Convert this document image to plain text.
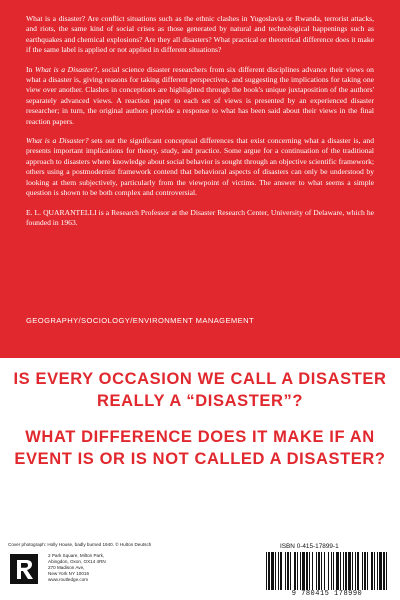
What is a disaster? Are conflict situations such as the ethnic clashes in Yugoslavia or Rwanda, terrorist attacks, and riots, the same kind of social crises as those generated by natural and technological happenings such as earthquakes and chemical explosions? Are they all disasters? What practical or theoretical difference does it make if the same label is applied or not applied in different situations?

In What is a Disaster?, social science disaster researchers from six different disciplines advance their views on what a disaster is, giving reasons for taking different perspectives, and suggesting the implications for taking one view over another. Clashes in conceptions are highlighted through the book's unique juxtaposition of the authors' separately advanced views. A reaction paper to each set of views is presented by an experienced disaster researcher; in turn, the original authors provide a response to what has been said about their views in the final reaction papers.

What is a Disaster? sets out the significant conceptual differences that exist concerning what a disaster is, and presents important implications for theory, study, and practice. Some argue for a continuation of the traditional approach to disasters where knowledge about social behavior is sought through an objective scientific framework; others using a postmodernist framework contend that behavioral aspects of disasters can only be understood by looking at them subjectively, particularly from the viewpoint of victims. The answer to what seems a simple question is shown to be both complex and controversial.

E. L. QUARANTELLI is a Research Professor at the Disaster Research Center, University of Delaware, which he founded in 1963.

GEOGRAPHY/SOCIOLOGY/ENVIRONMENT MANAGEMENT
IS EVERY OCCASION WE CALL A DISASTER REALLY A “DISASTER”?
WHAT DIFFERENCE DOES IT MAKE IF AN EVENT IS OR IS NOT CALLED A DISASTER?
Cover photograph: Holly House, badly burned 1940. © Hulton Deutsch
2 Park Square, Milton Park,
Abingdon, Oxon, OX14 4RN
270 Madison Ave,
New York NY 10016
www.routledge.com
ISBN 0-415-17899-1
9 780415 178990
